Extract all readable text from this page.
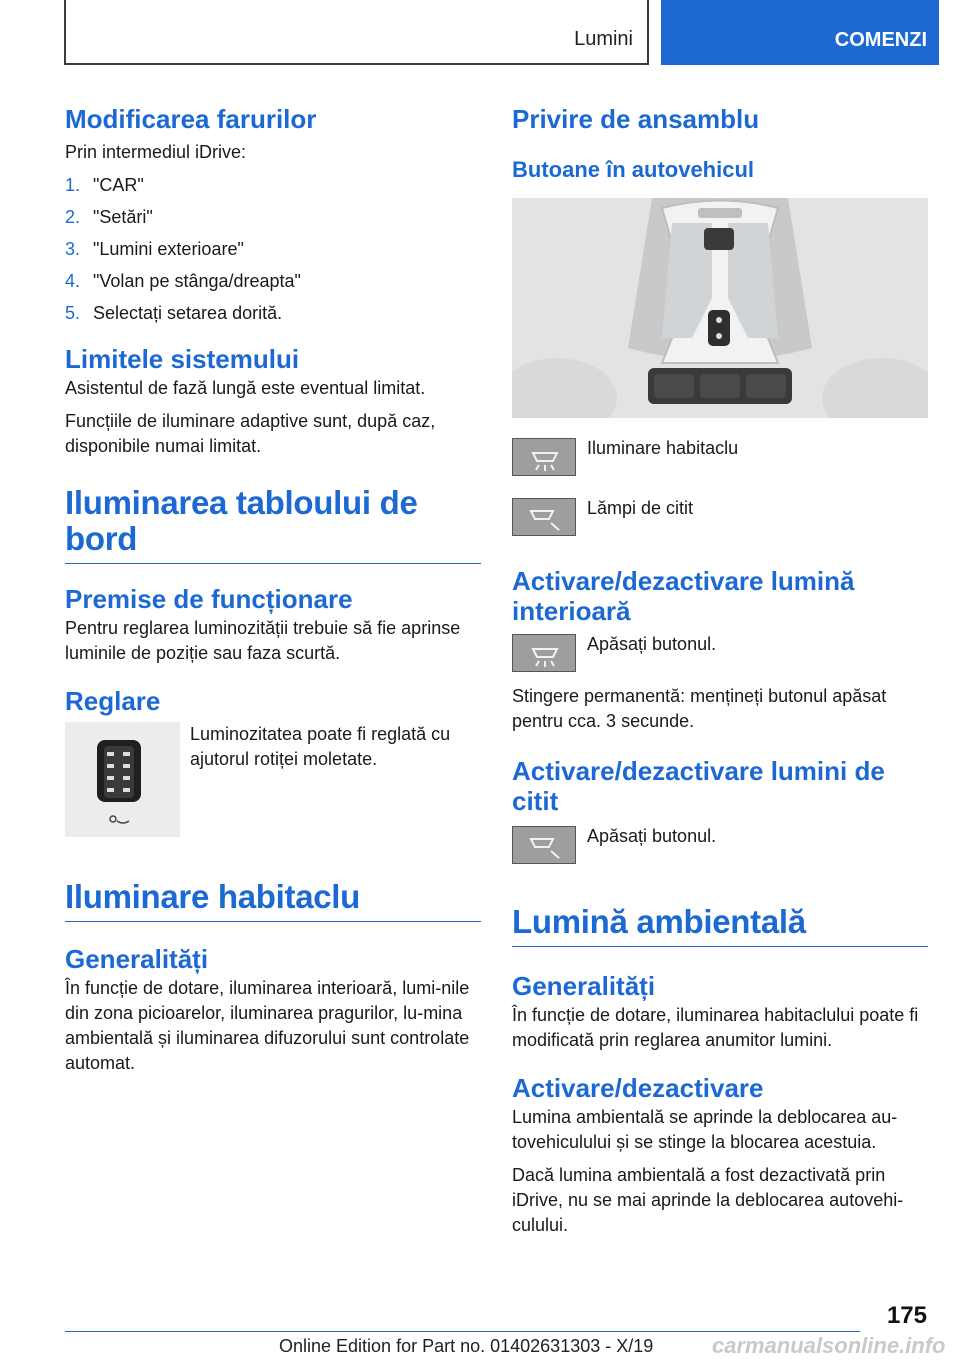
Lumini	COMENZI
Modificarea farurilor

Prin intermediul iDrive:

1. "CAR"
2. "Setări"
3. "Lumini exterioare"
4. "Volan pe stânga/dreapta"
5. Selectați setarea dorită.
Limitele sistemului

Asistentul de fază lungă este eventual limitat.

Funcțiile de iluminare adaptive sunt, după caz, disponibile numai limitat.

Iluminarea tabloului de bord
Premise de funcționare

Pentru reglarea luminozității trebuie să fie aprinse luminile de poziție sau faza scurtă.

Reglare

Luminozitatea poate fi reglată cu ajutorul rotiței moletate.

Iluminare habitaclu
Generalități

În funcție de dotare, iluminarea interioară, lumi-nile din zona picioarelor, iluminarea pragurilor, lu-mina ambientală și iluminarea difuzorului sunt controlate automat.

Privire de ansamblu
Butoane în autovehicul

Iluminare habitaclu

Lămpi de citit

Activare/dezactivare lumină interioară

Apăsați butonul.

Stingere permanentă: mențineți butonul apăsat pentru cca. 3 secunde.

Activare/dezactivare lumini de citit

Apăsați butonul.

Lumină ambientală
Generalități

În funcție de dotare, iluminarea habitaclului poate fi modificată prin reglarea anumitor lumini.

Activare/dezactivare

Lumina ambientală se aprinde la deblocarea au-tovehiculului și se stinge la blocarea acestuia.

Dacă lumina ambientală a fost dezactivată prin iDrive, nu se mai aprinde la deblocarea autovehi-culului.

175
Online Edition for Part no. 01402631303 - X/19	carmanualsonline.info
